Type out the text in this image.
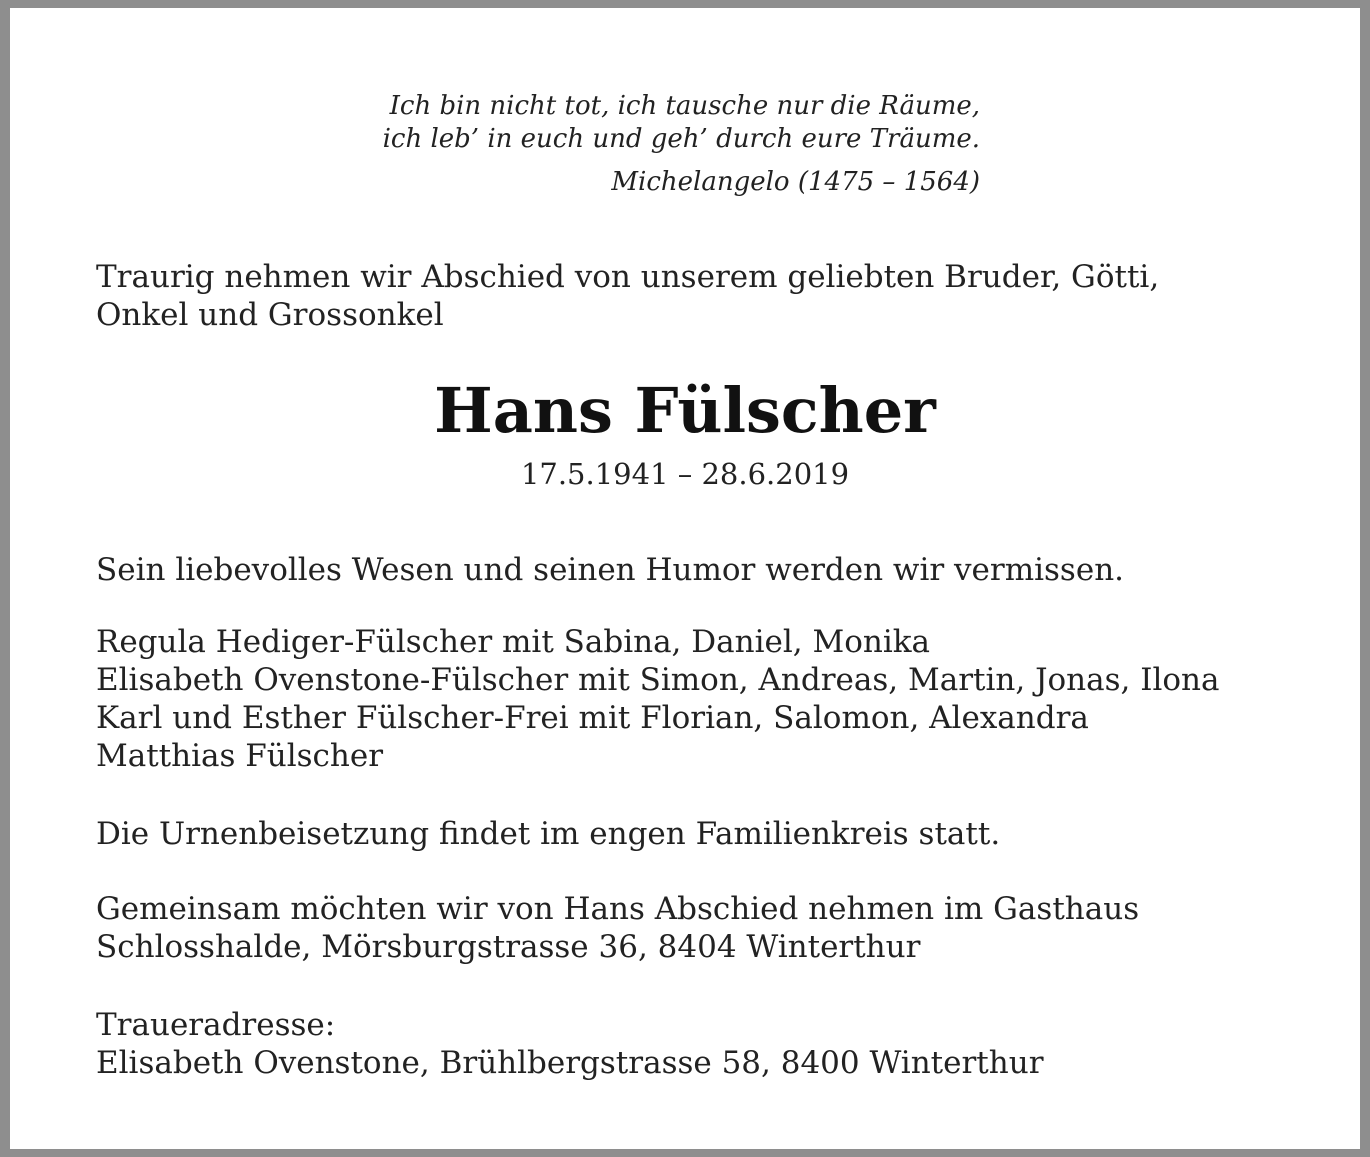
Ich bin nicht tot, ich tausche nur die Räume,
ich leb’ in euch und geh’ durch eure Träume.
Michelangelo (1475 – 1564)
Traurig nehmen wir Abschied von unserem geliebten Bruder, Götti,
Onkel und Grossonkel
Hans Fülscher
17.5.1941 – 28.6.2019
Sein liebevolles Wesen und seinen Humor werden wir vermissen.
Regula Hediger-Fülscher mit Sabina, Daniel, Monika
Elisabeth Ovenstone-Fülscher mit Simon, Andreas, Martin, Jonas, Ilona
Karl und Esther Fülscher-Frei mit Florian, Salomon, Alexandra
Matthias Fülscher
Die Urnenbeisetzung findet im engen Familienkreis statt.
Gemeinsam möchten wir von Hans Abschied nehmen im Gasthaus
Schlosshalde, Mörsburgstrasse 36, 8404 Winterthur
Traueradresse:
Elisabeth Ovenstone, Brühlbergstrasse 58, 8400 Winterthur
